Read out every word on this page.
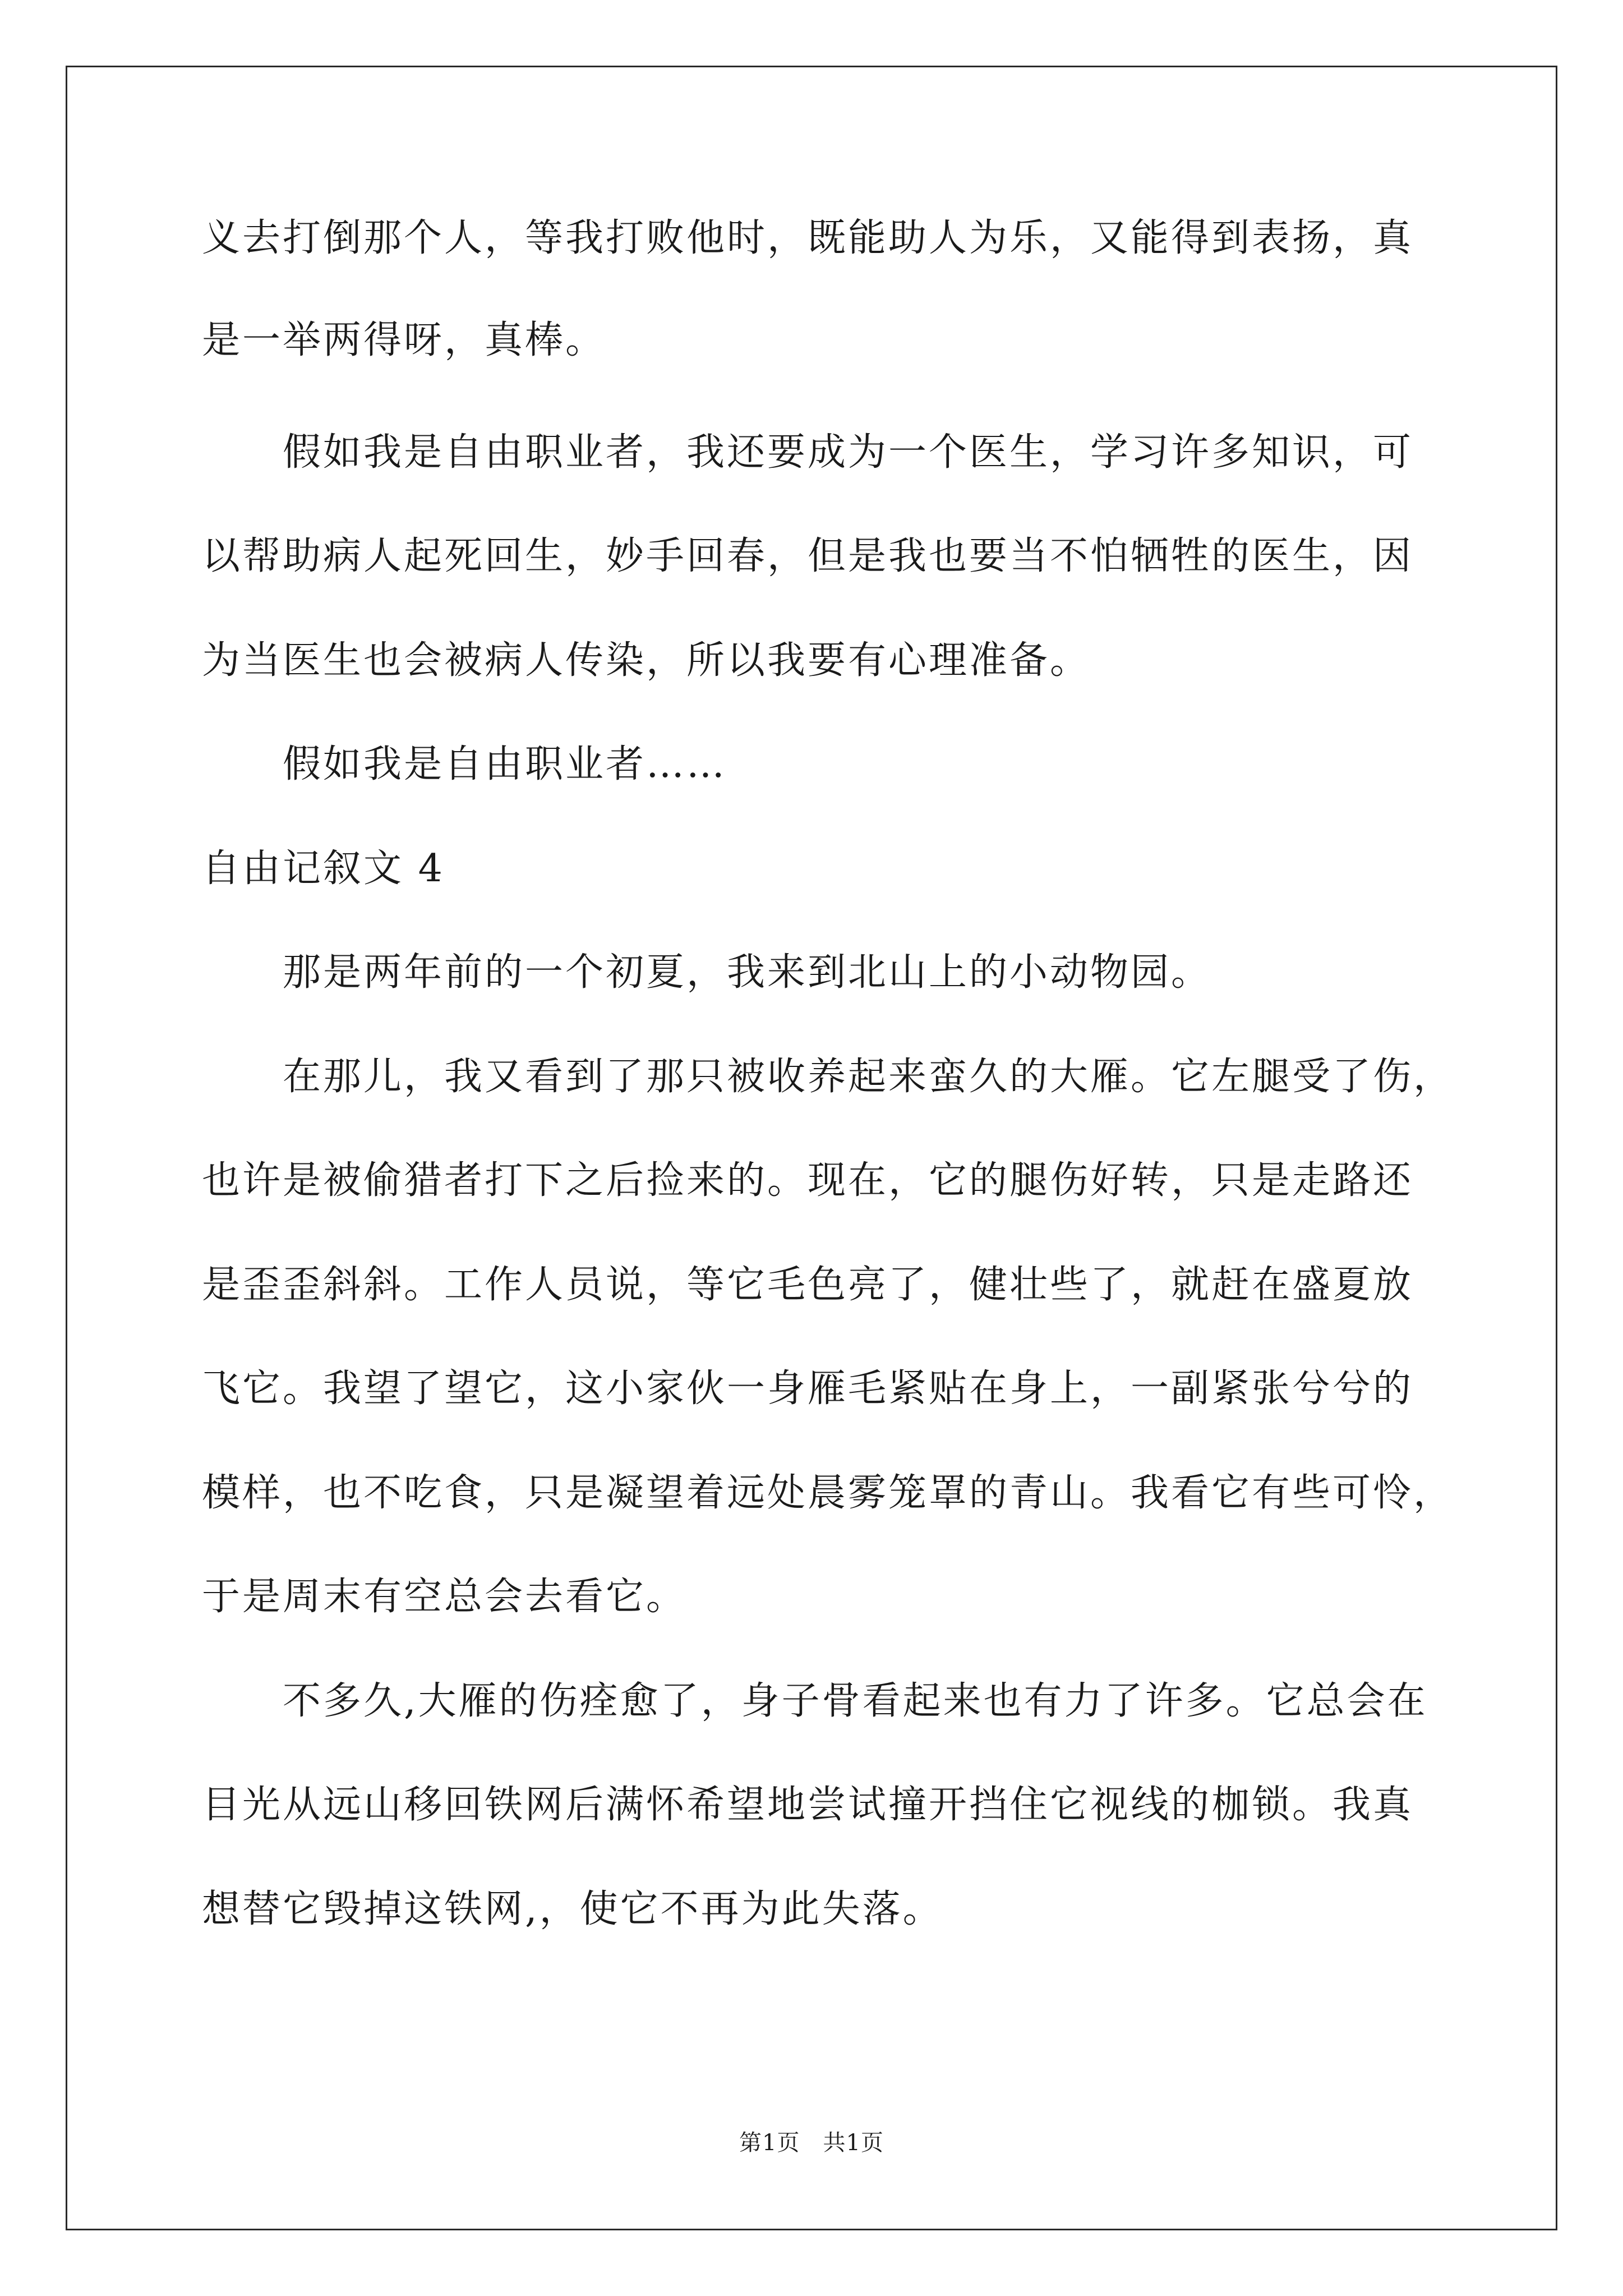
义去打倒那个人，等我打败他时，既能助人为乐，又能得到表扬，真
是一举两得呀，真棒。
　　假如我是自由职业者，我还要成为一个医生，学习许多知识，可
以帮助病人起死回生，妙手回春，但是我也要当不怕牺牲的医生，因
为当医生也会被病人传染，所以我要有心理准备。
　　假如我是自由职业者……
自由记叙文 4
　　那是两年前的一个初夏，我来到北山上的小动物园。
　　在那儿，我又看到了那只被收养起来蛮久的大雁。它左腿受了伤，
也许是被偷猎者打下之后捡来的。现在，它的腿伤好转，只是走路还
是歪歪斜斜。工作人员说，等它毛色亮了，健壮些了，就赶在盛夏放
飞它。我望了望它，这小家伙一身雁毛紧贴在身上，一副紧张兮兮的
模样，也不吃食，只是凝望着远处晨雾笼罩的青山。我看它有些可怜，
于是周末有空总会去看它。
　　不多久,大雁的伤痊愈了，身子骨看起来也有力了许多。它总会在
目光从远山移回铁网后满怀希望地尝试撞开挡住它视线的枷锁。我真
想替它毁掉这铁网,，使它不再为此失落。
第1页　共1页
